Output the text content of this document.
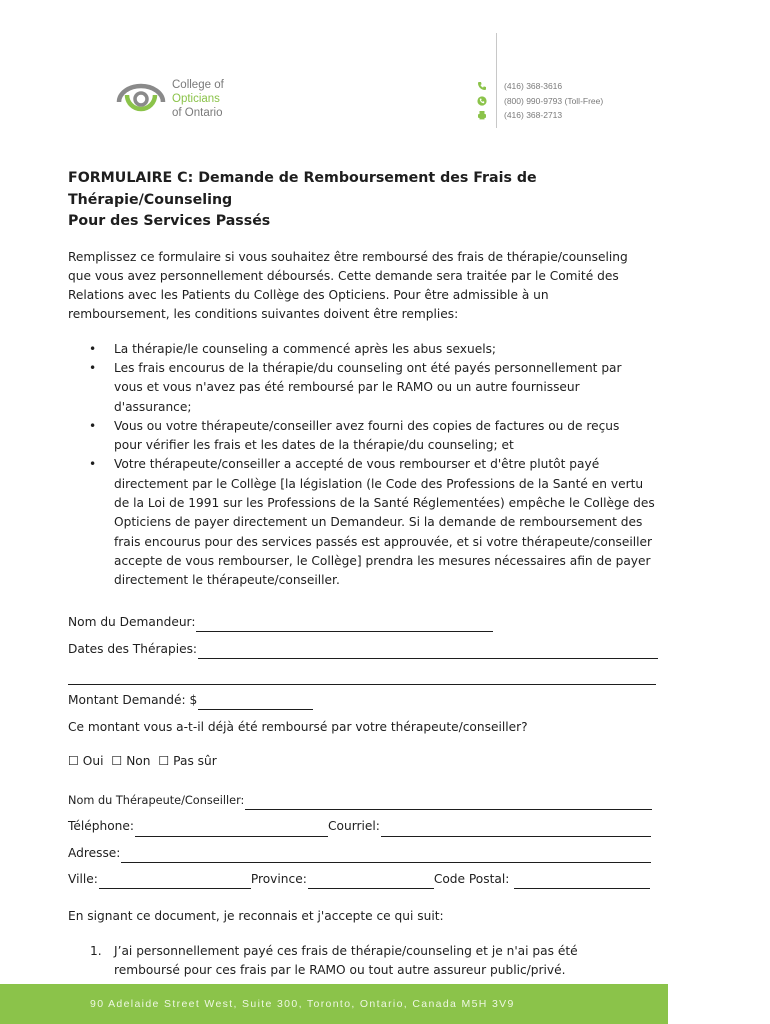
College of
Opticians
of Ontario
(416) 368-3616
(800) 990-9793 (Toll-Free)
(416) 368-2713
FORMULAIRE C: Demande de Remboursement des Frais de Thérapie/Counseling
Pour des Services Passés
Remplissez ce formulaire si vous souhaitez être remboursé des frais de thérapie/counseling
que vous avez personnellement déboursés. Cette demande sera traitée par le Comité des
Relations avec les Patients du Collège des Opticiens. Pour être admissible à un
remboursement, les conditions suivantes doivent être remplies:
• La thérapie/le counseling a commencé après les abus sexuels;
• Les frais encourus de la thérapie/du counseling ont été payés personnellement par
vous et vous n'avez pas été remboursé par le RAMO ou un autre fournisseur
d'assurance;
• Vous ou votre thérapeute/conseiller avez fourni des copies de factures ou de reçus
pour vérifier les frais et les dates de la thérapie/du counseling; et
• Votre thérapeute/conseiller a accepté de vous rembourser et d'être plutôt payé
directement par le Collège [la législation (le Code des Professions de la Santé en vertu
de la Loi de 1991 sur les Professions de la Santé Réglementées) empêche le Collège des
Opticiens de payer directement un Demandeur. Si la demande de remboursement des
frais encourus pour des services passés est approuvée, et si votre thérapeute/conseiller
accepte de vous rembourser, le Collège] prendra les mesures nécessaires afin de payer
directement le thérapeute/conseiller.
Nom du Demandeur:
Dates des Thérapies:
Montant Demandé: $
Ce montant vous a-t-il déjà été remboursé par votre thérapeute/conseiller?
☐ Oui ☐ Non ☐ Pas sûr
Nom du Thérapeute/Conseiller:
Téléphone:	Courriel:
Adresse:
Ville:	Province:	Code Postal:
En signant ce document, je reconnais et j'accepte ce qui suit:
1. J’ai personnellement payé ces frais de thérapie/counseling et je n'ai pas été
remboursé pour ces frais par le RAMO ou tout autre assureur public/privé.
90 Adelaide Street West, Suite 300, Toronto, Ontario, Canada M5H 3V9
